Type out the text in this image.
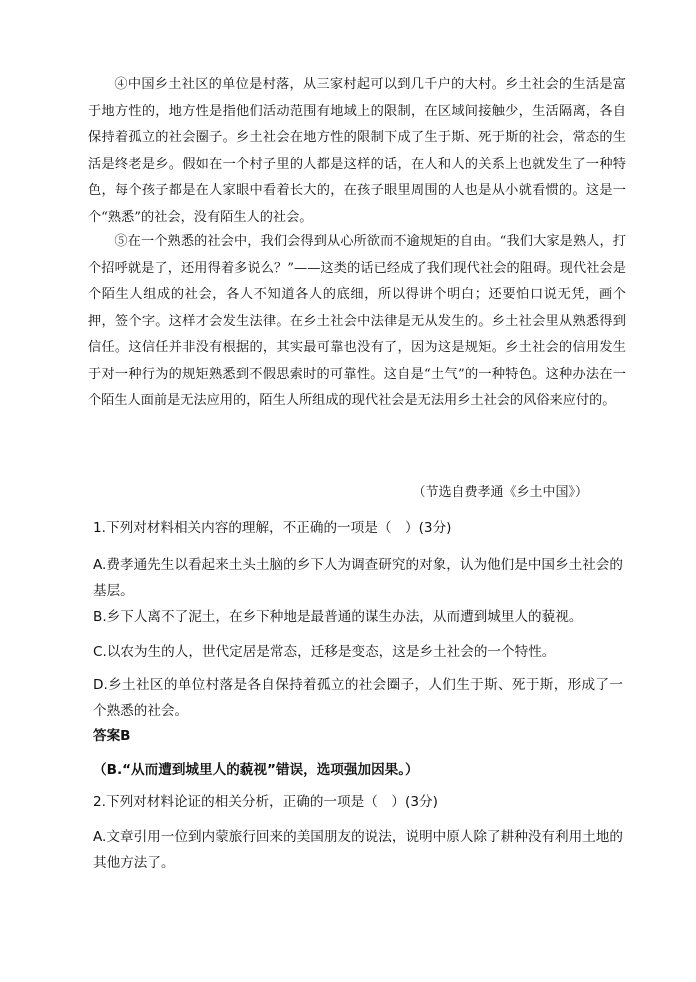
④中国乡土社区的单位是村落，从三家村起可以到几千户的大村。乡土社会的生活是富于地方性的，地方性是指他们活动范围有地域上的限制，在区域间接触少，生活隔离，各自保持着孤立的社会圈子。乡土社会在地方性的限制下成了生于斯、死于斯的社会，常态的生活是终老是乡。假如在一个村子里的人都是这样的话，在人和人的关系上也就发生了一种特色，每个孩子都是在人家眼中看着长大的，在孩子眼里周围的人也是从小就看惯的。这是一个“熟悉”的社会，没有陌生人的社会。

⑤在一个熟悉的社会中，我们会得到从心所欲而不逾规矩的自由。“我们大家是熟人，打个招呼就是了，还用得着多说么？”——这类的话已经成了我们现代社会的阻碍。现代社会是个陌生人组成的社会，各人不知道各人的底细，所以得讲个明白；还要怕口说无凭，画个押，签个字。这样才会发生法律。在乡土社会中法律是无从发生的。乡土社会里从熟悉得到信任。这信任并非没有根据的，其实最可靠也没有了，因为这是规矩。乡土社会的信用发生于对一种行为的规矩熟悉到不假思索时的可靠性。这自是“土气”的一种特色。这种办法在一个陌生人面前是无法应用的，陌生人所组成的现代社会是无法用乡土社会的风俗来应付的。

（节选自费孝通《乡土中国》）

1.下列对材料相关内容的理解，不正确的一项是（　）(3分)

A.费孝通先生以看起来土头土脑的乡下人为调查研究的对象，认为他们是中国乡土社会的基层。

B.乡下人离不了泥土，在乡下种地是最普通的谋生办法，从而遭到城里人的藐视。

C.以农为生的人，世代定居是常态，迁移是变态，这是乡土社会的一个特性。

D.乡土社区的单位村落是各自保持着孤立的社会圈子，人们生于斯、死于斯，形成了一个熟悉的社会。

答案B

（B.“从而遭到城里人的藐视”错误，选项强加因果。）

2.下列对材料论证的相关分析，正确的一项是（　）(3分)

A.文章引用一位到内蒙旅行回来的美国朋友的说法，说明中原人除了耕种没有利用土地的其他方法了。
